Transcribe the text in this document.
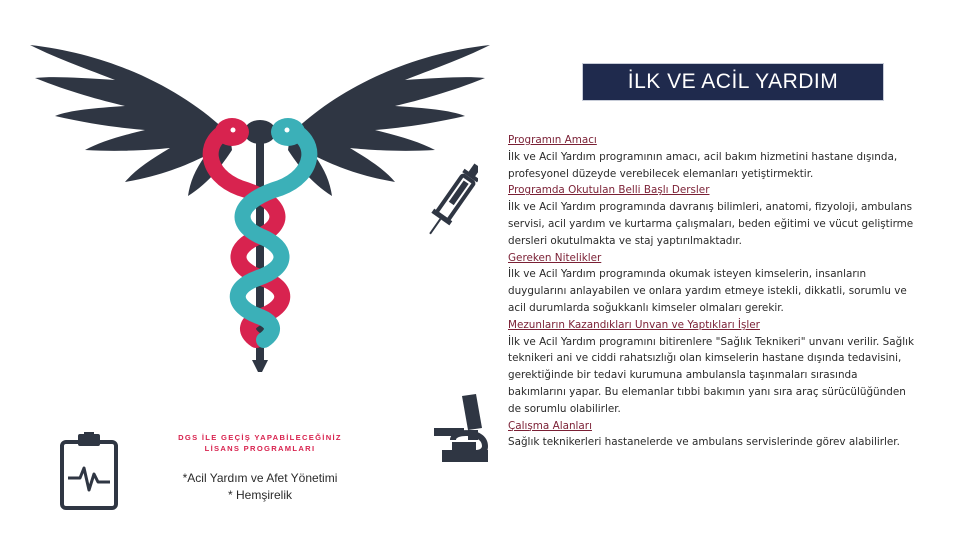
İLK VE ACİL YARDIM
DGS İLE GEÇİŞ YAPABİLECEĞİNİZ
LİSANS PROGRAMLARI
*Acil Yardım ve Afet Yönetimi
* Hemşirelik
Programın Amacı
İlk ve Acil Yardım programının amacı, acil bakım hizmetini hastane dışında, profesyonel düzeyde verebilecek elemanları yetiştirmektir.
Programda Okutulan Belli Başlı Dersler
İlk ve Acil Yardım programında davranış bilimleri, anatomi, fizyoloji, ambulans servisi, acil yardım ve kurtarma çalışmaları, beden eğitimi ve vücut geliştirme dersleri okutulmakta ve staj yaptırılmaktadır.
Gereken Nitelikler
İlk ve Acil Yardım programında okumak isteyen kimselerin, insanların duygularını anlayabilen ve onlara yardım etmeye istekli, dikkatli, sorumlu ve acil durumlarda soğukkanlı kimseler olmaları gerekir.
Mezunların Kazandıkları Unvan ve Yaptıkları İşler
İlk ve Acil Yardım programını bitirenlere "Sağlık Teknikeri" unvanı verilir. Sağlık teknikeri ani ve ciddi rahatsızlığı olan kimselerin hastane dışında tedavisini, gerektiğinde bir tedavi kurumuna ambulansla taşınmaları sırasında bakımlarını yapar. Bu elemanlar tıbbi bakımın yanı sıra araç sürücülüğünden de sorumlu olabilirler.
Çalışma Alanları
Sağlık teknikerleri hastanelerde ve ambulans servislerinde görev alabilirler.
